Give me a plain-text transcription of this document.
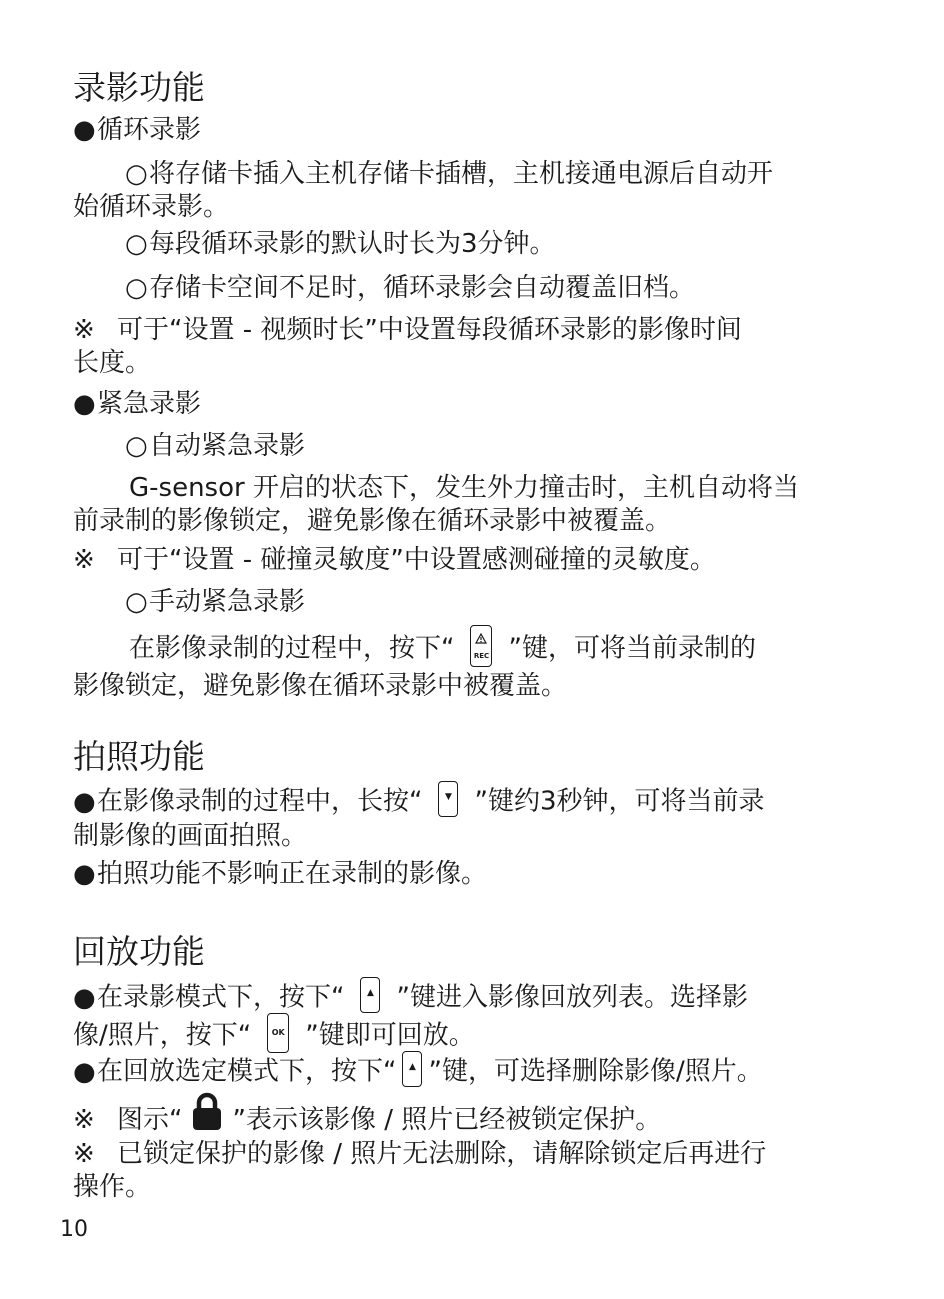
录影功能

●循环录影

○将存储卡插入主机存储卡插槽，主机接通电源后自动开
始循环录影。

○每段循环录影的默认时长为3分钟。

○存储卡空间不足时，循环录影会自动覆盖旧档。

※ 可于“设置 - 视频时长”中设置每段循环录影的影像时间
长度。

●紧急录影

○自动紧急录影

G-sensor 开启的状态下，发生外力撞击时，主机自动将当
前录制的影像锁定，避免影像在循环录影中被覆盖。

※ 可于“设置 - 碰撞灵敏度”中设置感测碰撞的灵敏度。

○手动紧急录影

在影像录制的过程中，按下“	REC ”键，可将当前录制的
影像锁定，避免影像在循环录影中被覆盖。

拍照功能

●在影像录制的过程中，长按“	▼ ”键约3秒钟，可将当前录
制影像的画面拍照。

●拍照功能不影响正在录制的影像。

回放功能

●在录影模式下，按下“	▲ ”键进入影像回放列表。选择影
像/照片，按下“	OK ”键即可回放。

●在回放选定模式下，按下“	▲ ”键，可选择删除影像/照片。

※ 图示“ ”表示该影像 / 照片已经被锁定保护。

※ 已锁定保护的影像 / 照片无法删除，请解除锁定后再进行
操作。

10
